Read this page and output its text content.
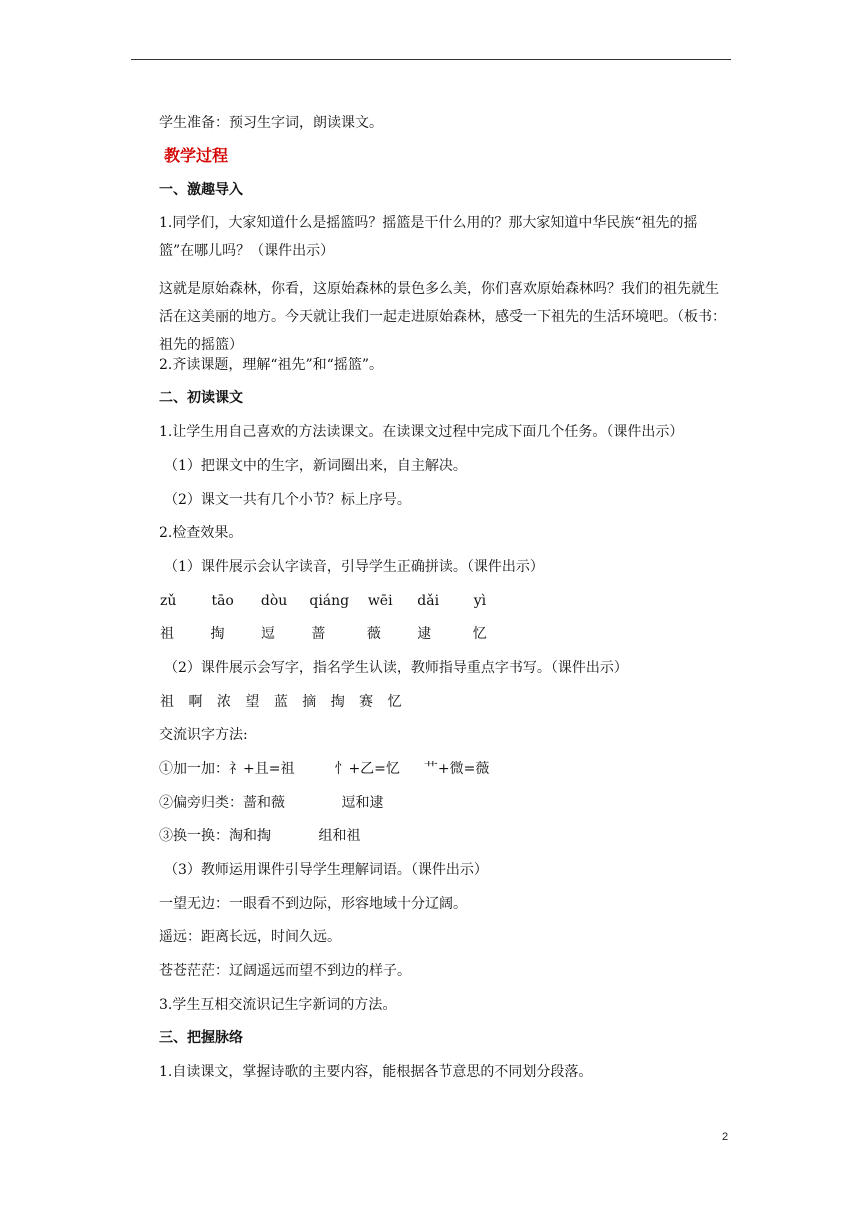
学生准备：预习生字词，朗读课文。
教学过程
一、激趣导入
1.同学们，大家知道什么是摇篮吗？摇篮是干什么用的？那大家知道中华民族“祖先的摇篮”在哪儿吗？（课件出示）
这就是原始森林，你看，这原始森林的景色多么美，你们喜欢原始森林吗？我们的祖先就生活在这美丽的地方。今天就让我们一起走进原始森林，感受一下祖先的生活环境吧。（板书：祖先的摇篮）
2.齐读课题，理解“祖先”和“摇篮”。
二、初读课文
1.让学生用自己喜欢的方法读课文。在读课文过程中完成下面几个任务。（课件出示）
（1）把课文中的生字，新词圈出来，自主解决。
（2）课文一共有几个小节？标上序号。
2.检查效果。
（1）课件展示会认字读音，引导学生正确拼读。（课件出示）
zǔ	tāo dòu qiáng wēi dǎi yì
祖	掏	逗	蔷	薇	逮	忆
（2）课件展示会写字，指名学生认读，教师指导重点字书写。（课件出示）
祖 啊 浓 望 蓝 摘 掏 赛 忆
交流识字方法:
①加一加：礻+且=祖	忄+乙=忆 艹+微=薇
②偏旁归类：蔷和薇	逗和逮
③换一换：淘和掏	组和祖
（3）教师运用课件引导学生理解词语。（课件出示）
一望无边：一眼看不到边际，形容地域十分辽阔。
遥远：距离长远，时间久远。
苍苍茫茫：辽阔遥远而望不到边的样子。
3.学生互相交流识记生字新词的方法。
三、把握脉络
1.自读课文，掌握诗歌的主要内容，能根据各节意思的不同划分段落。
2
